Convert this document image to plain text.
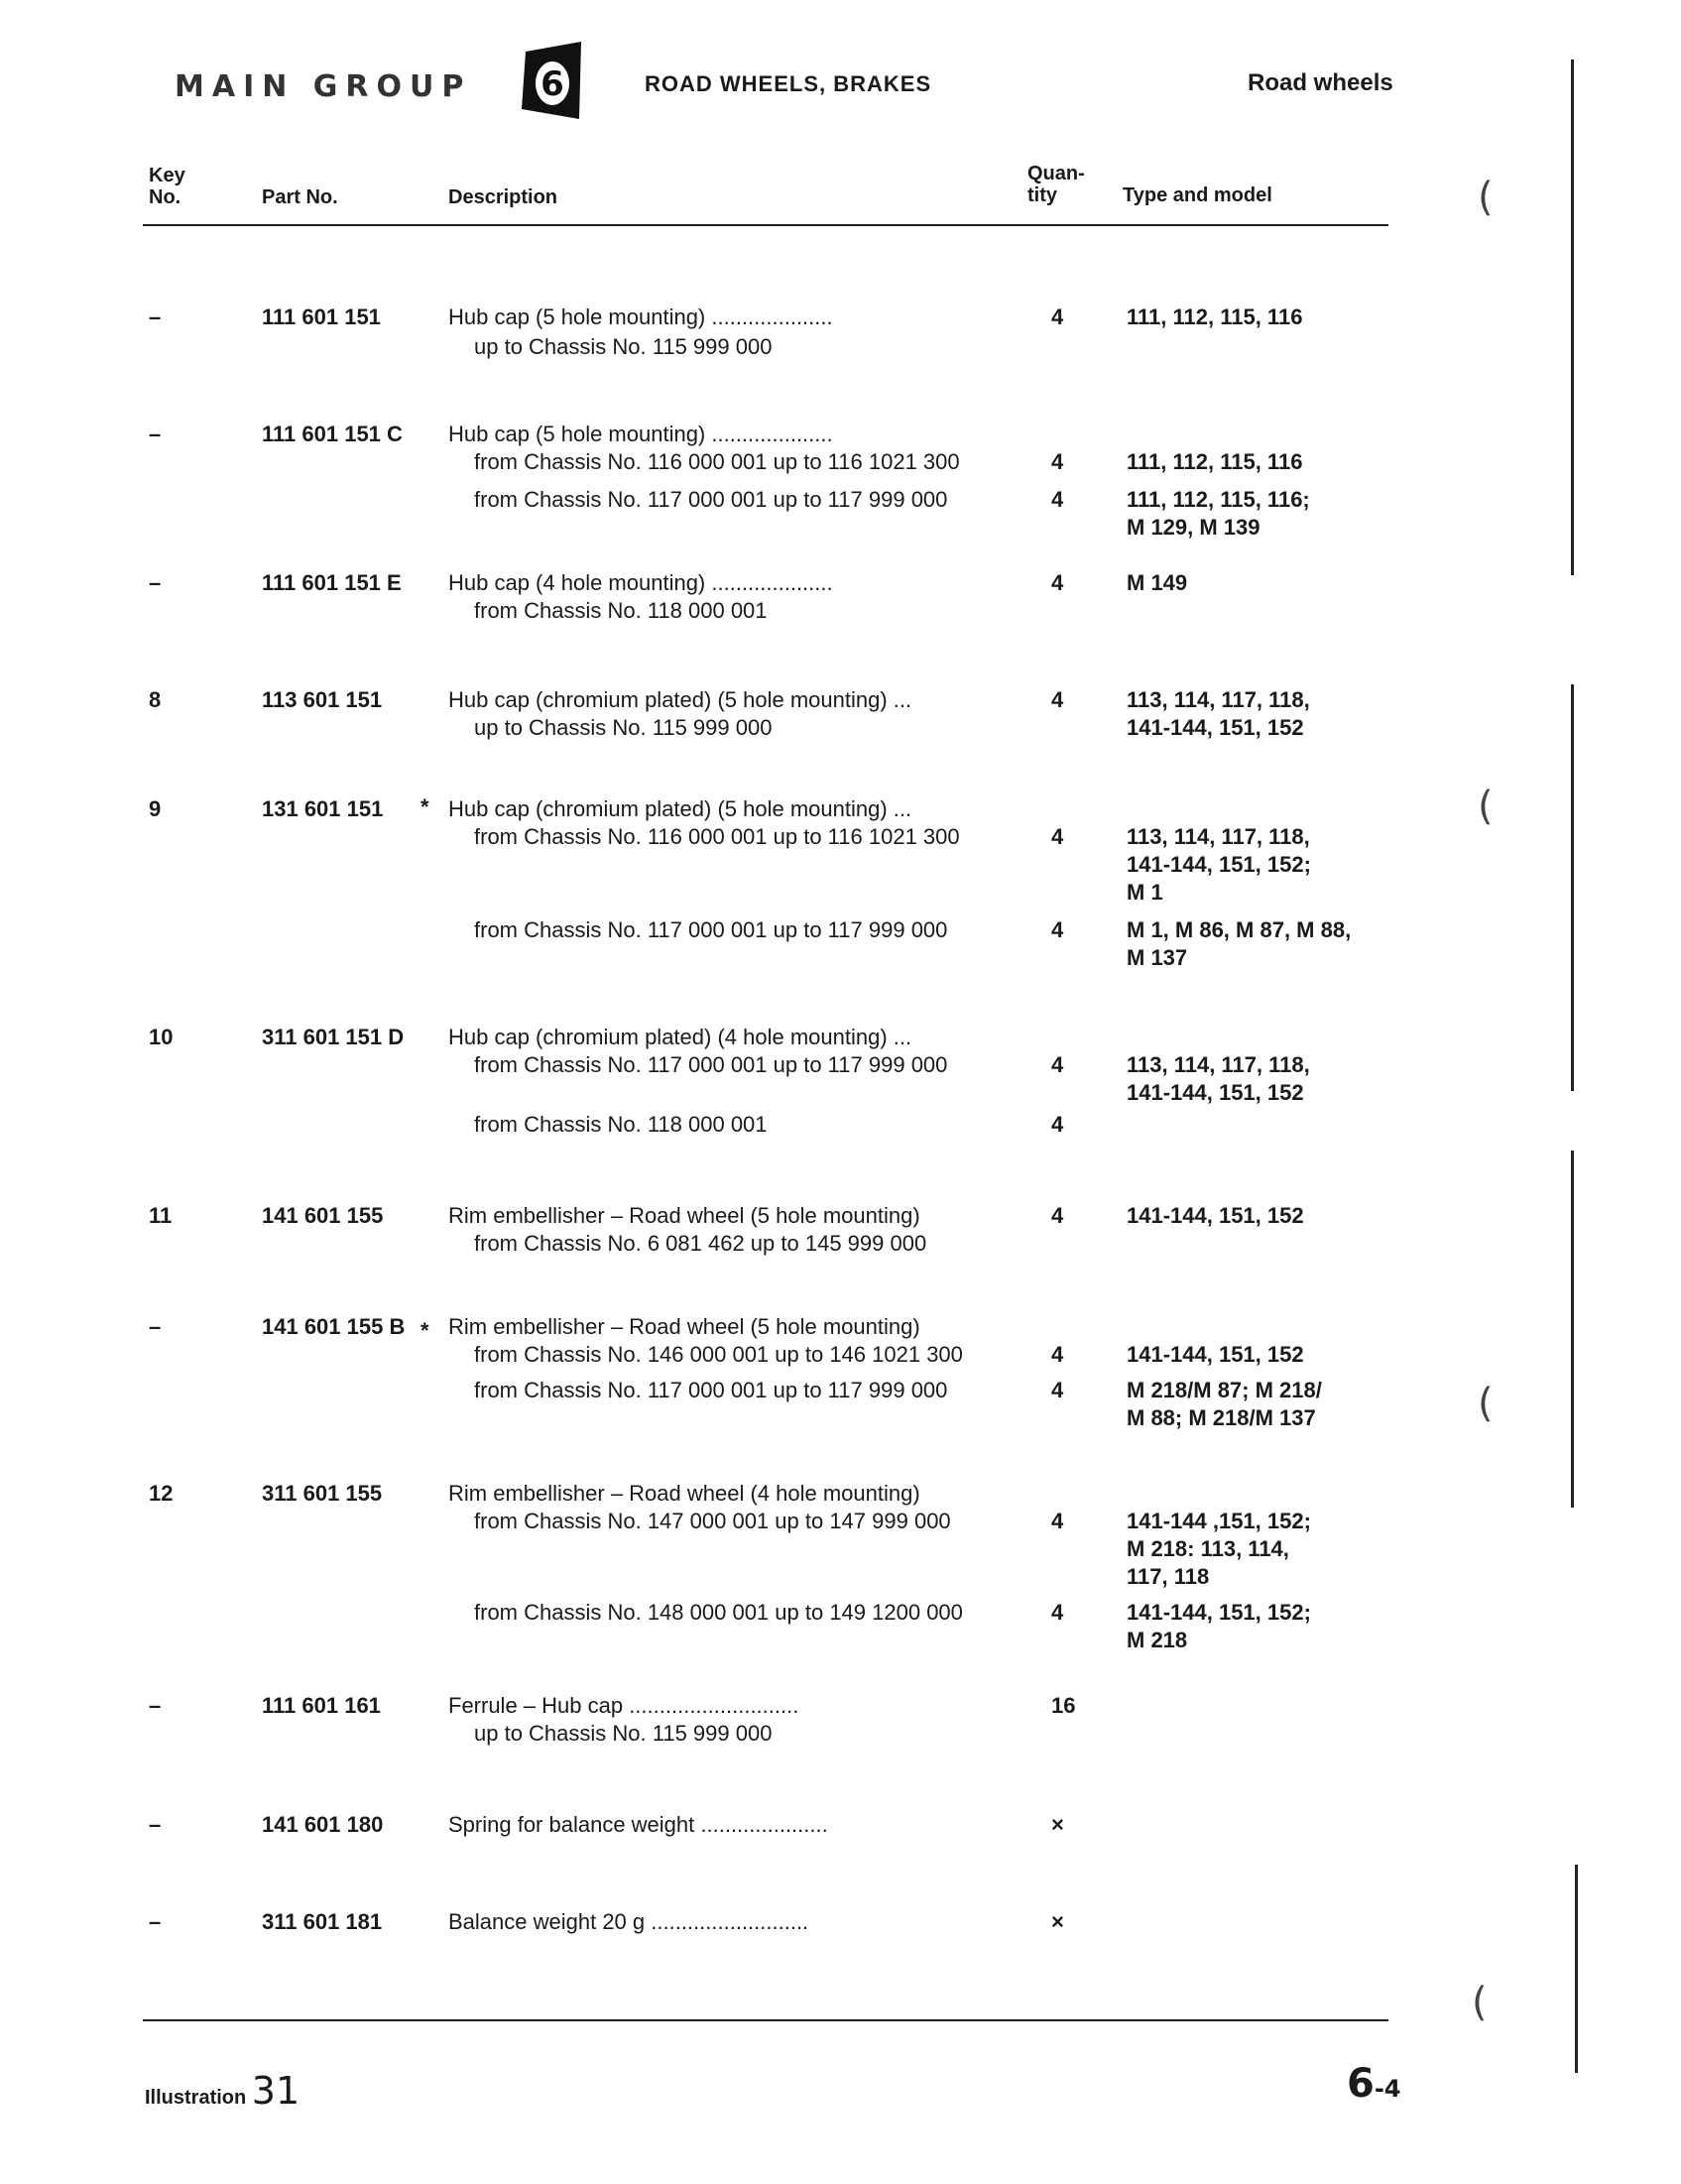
MAIN GROUP 6	ROAD WHEELS, BRAKES	Road wheels
Key
No.	Part No.	Description
Quan-
tity	Type and model
–	111 601 151	Hub cap (5 hole mounting) ....................	4	111, 112, 115, 116
up to Chassis No. 115 999 000
–	111 601 151 C Hub cap (5 hole mounting) ....................
from Chassis No. 116 000 001 up to 116 1021 300	4	111, 112, 115, 116
from Chassis No. 117 000 001 up to 117 999 000	4	111, 112, 115, 116;
M 129, M 139
–	111 601 151 E Hub cap (4 hole mounting) ....................	4	M 149
from Chassis No. 118 000 001
8	113 601 151	Hub cap (chromium plated) (5 hole mounting) ...	4	113, 114, 117, 118,
up to Chassis No. 115 999 000	141-144, 151, 152
9	131 601 151	Hub cap (chromium plated) (5 hole mounting) ...
from Chassis No. 116 000 001 up to 116 1021 300	4	113, 114, 117, 118,
141-144, 151, 152;
M 1
from Chassis No. 117 000 001 up to 117 999 000	4	M 1, M 86, M 87, M 88,
M 137
10	311 601 151 D Hub cap (chromium plated) (4 hole mounting) ...
from Chassis No. 117 000 001 up to 117 999 000	4	113, 114, 117, 118,
141-144, 151, 152
from Chassis No. 118 000 001	4
11	141 601 155	Rim embellisher – Road wheel (5 hole mounting)	4	141-144, 151, 152
from Chassis No. 6 081 462 up to 145 999 000
–	141 601 155 B Rim embellisher – Road wheel (5 hole mounting)
from Chassis No. 146 000 001 up to 146 1021 300	4	141-144, 151, 152
from Chassis No. 117 000 001 up to 117 999 000	4	M 218/M 87; M 218/
M 88; M 218/M 137
12	311 601 155	Rim embellisher – Road wheel (4 hole mounting)
from Chassis No. 147 000 001 up to 147 999 000	4	141-144 ,151, 152;
M 218: 113, 114,
117, 118
from Chassis No. 148 000 001 up to 149 1200 000	4	141-144, 151, 152;
M 218
–	111 601 161	Ferrule – Hub cap ............................	16
up to Chassis No. 115 999 000
–	141 601 180	Spring for balance weight .....................	×
–	311 601 181	Balance weight 20 g ..........................	×
*
*
Illustration 31	6-4
(
(
(
(
